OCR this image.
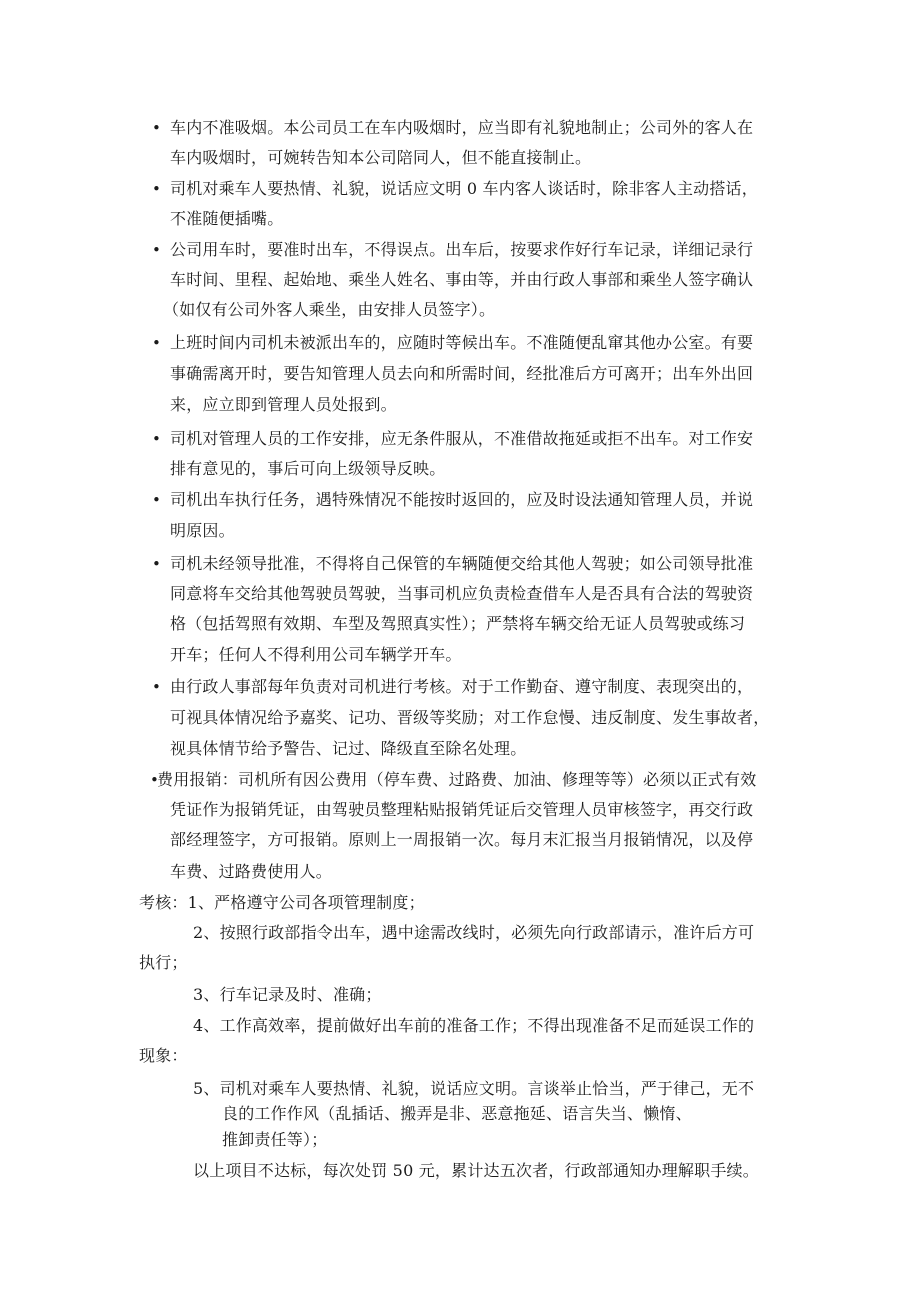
• 车内不准吸烟。本公司员工在车内吸烟时，应当即有礼貌地制止；公司外的客人在
车内吸烟时，可婉转告知本公司陪同人，但不能直接制止。
• 司机对乘车人要热情、礼貌，说话应文明 0 车内客人谈话时，除非客人主动搭话，
不准随便插嘴。
• 公司用车时，要准时出车，不得误点。出车后，按要求作好行车记录，详细记录行
车时间、里程、起始地、乘坐人姓名、事由等，并由行政人事部和乘坐人签字确认
（如仅有公司外客人乘坐，由安排人员签字）。
• 上班时间内司机未被派出车的，应随时等候出车。不准随便乱窜其他办公室。有要
事确需离开时，要告知管理人员去向和所需时间，经批准后方可离开；出车外出回
来，应立即到管理人员处报到。
• 司机对管理人员的工作安排，应无条件服从，不准借故拖延或拒不出车。对工作安
排有意见的，事后可向上级领导反映。
• 司机出车执行任务，遇特殊情况不能按时返回的，应及时设法通知管理人员，并说
明原因。
• 司机未经领导批准，不得将自己保管的车辆随便交给其他人驾驶；如公司领导批准
同意将车交给其他驾驶员驾驶，当事司机应负责检查借车人是否具有合法的驾驶资
格（包括驾照有效期、车型及驾照真实性）；严禁将车辆交给无证人员驾驶或练习
开车；任何人不得利用公司车辆学开车。
• 由行政人事部每年负责对司机进行考核。对于工作勤奋、遵守制度、表现突出的，
可视具体情况给予嘉奖、记功、晋级等奖励；对工作怠慢、违反制度、发生事故者，
视具体情节给予警告、记过、降级直至除名处理。
•
费用报销：司机所有因公费用（停车费、过路费、加油、修理等等）必须以正式有效
凭证作为报销凭证，由驾驶员整理粘贴报销凭证后交管理人员审核签字，再交行政
部经理签字，方可报销。原则上一周报销一次。每月末汇报当月报销情况，以及停
车费、过路费使用人。
考核：1、严格遵守公司各项管理制度；
2、按照行政部指令出车，遇中途需改线时，必须先向行政部请示，准许后方可
执行；
3、行车记录及时、准确；
4、工作高效率，提前做好出车前的准备工作；不得出现准备不足而延误工作的
现象：
5、司机对乘车人要热情、礼貌，说话应文明。言谈举止恰当，严于律己，无不
良的工作作风（乱插话、搬弄是非、恶意拖延、语言失当、懒惰、
推卸责任等）；
以上项目不达标，每次处罚 50 元，累计达五次者，行政部通知办理解职手续。
